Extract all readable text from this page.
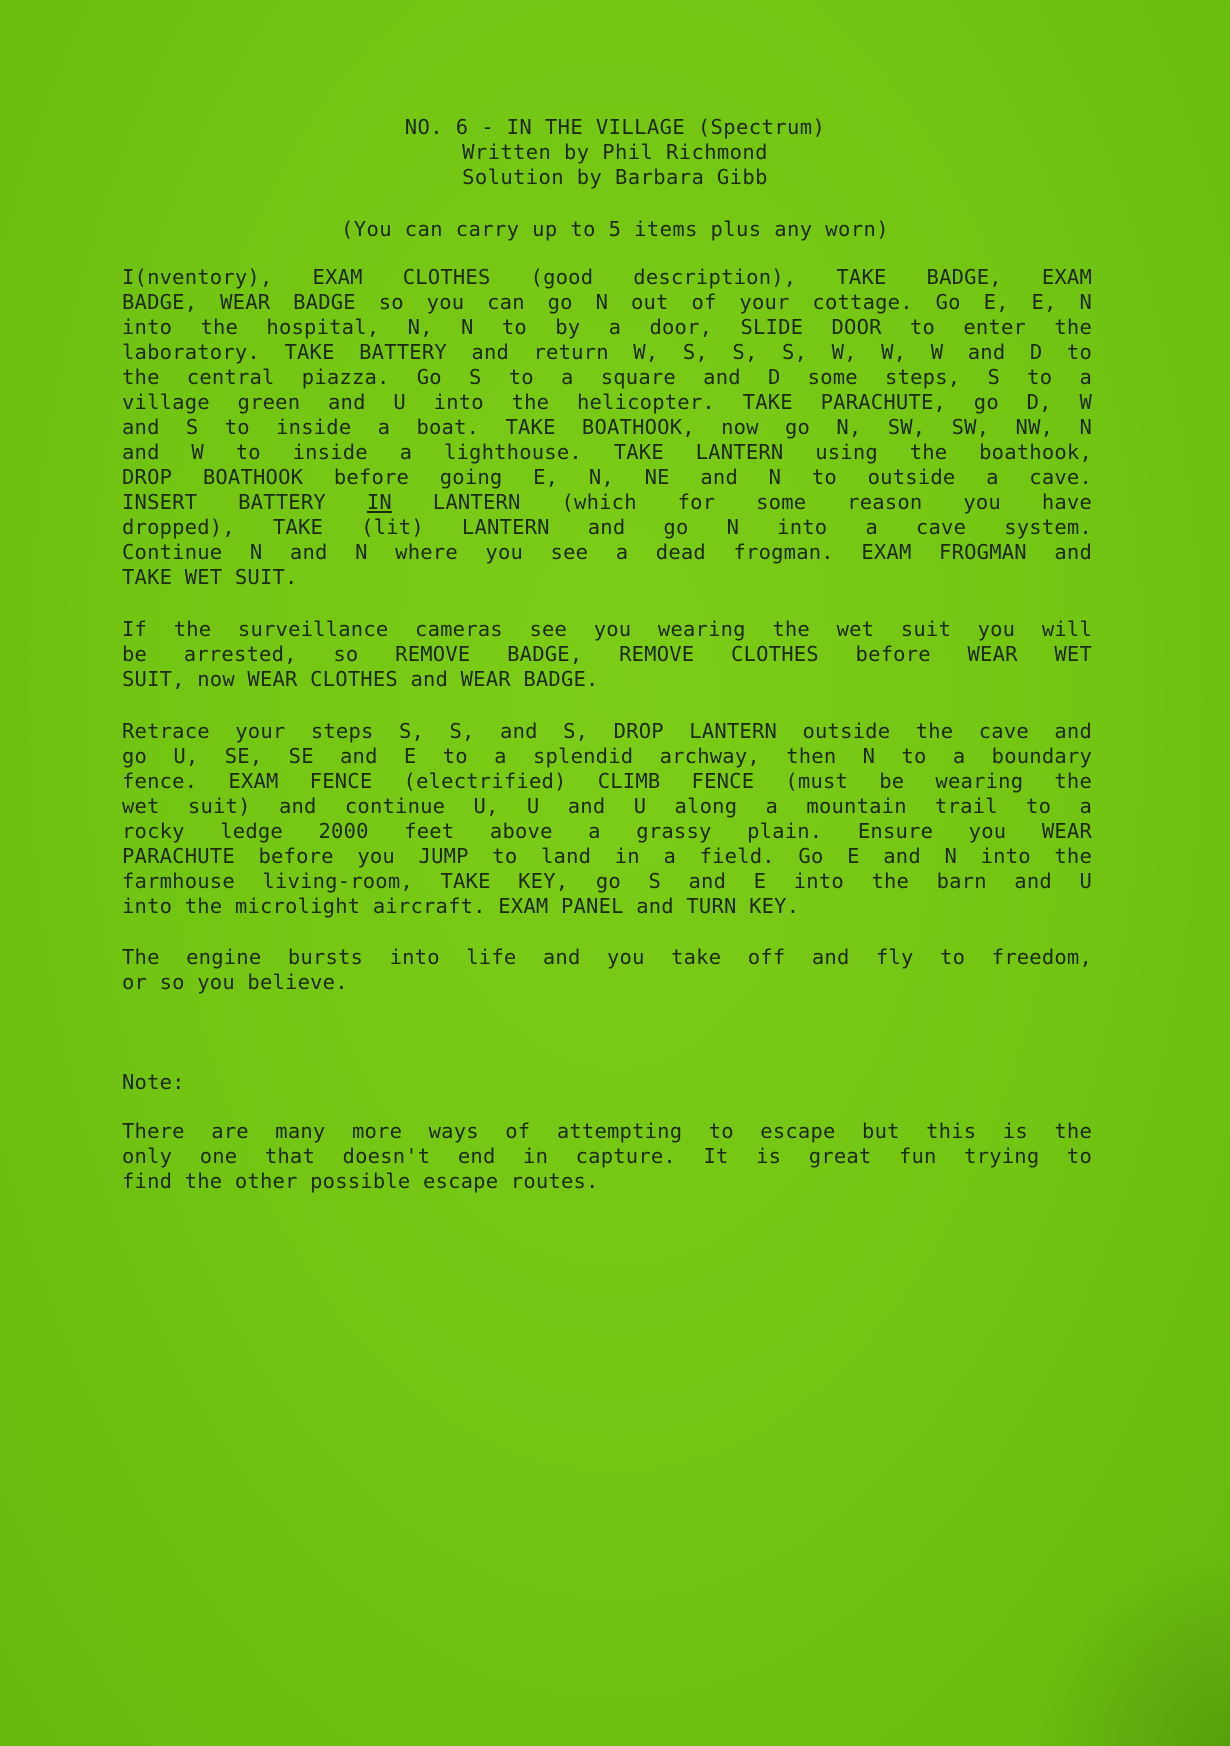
NO. 6 - IN THE VILLAGE (Spectrum)
Written by Phil Richmond
Solution by Barbara Gibb
(You can carry up to 5 items plus any worn)
I(nventory), EXAM CLOTHES (good description), TAKE BADGE, EXAM
BADGE, WEAR BADGE so you can go N out of your cottage. Go E, E, N
into the hospital, N, N to by a door, SLIDE DOOR to enter the
laboratory. TAKE BATTERY and return W, S, S, S, W, W, W and D to
the central piazza. Go S to a square and D some steps, S to a
village green and U into the helicopter. TAKE PARACHUTE, go D, W
and S to inside a boat. TAKE BOATHOOK, now go N, SW, SW, NW, N
and W to inside a lighthouse. TAKE LANTERN using the boathook,
DROP BOATHOOK before going E, N, NE and N to outside a cave.
INSERT BATTERY IN LANTERN (which for some reason you have
dropped), TAKE (lit) LANTERN and go N into a cave system.
Continue N and N where you see a dead frogman. EXAM FROGMAN and
TAKE WET SUIT.
If the surveillance cameras see you wearing the wet suit you will
be arrested, so REMOVE BADGE, REMOVE CLOTHES before WEAR WET
SUIT, now WEAR CLOTHES and WEAR BADGE.
Retrace your steps S, S, and S, DROP LANTERN outside the cave and
go U, SE, SE and E to a splendid archway, then N to a boundary
fence. EXAM FENCE (electrified) CLIMB FENCE (must be wearing the
wet suit) and continue U, U and U along a mountain trail to a
rocky ledge 2000 feet above a grassy plain. Ensure you WEAR
PARACHUTE before you JUMP to land in a field. Go E and N into the
farmhouse living-room, TAKE KEY, go S and E into the barn and U
into the microlight aircraft. EXAM PANEL and TURN KEY.
The engine bursts into life and you take off and fly to freedom,
or so you believe.
Note:
There are many more ways of attempting to escape but this is the
only one that doesn't end in capture. It is great fun trying to
find the other possible escape routes.
